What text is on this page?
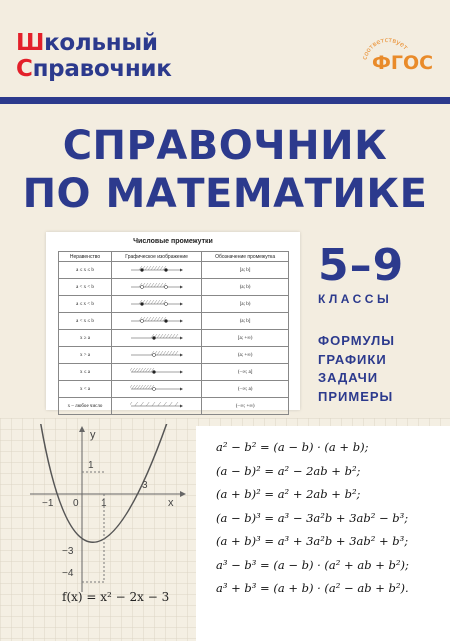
Школьный
Справочник	соответствует
ФГОС
СПРАВОЧНИК
ПО МАТЕМАТИКЕ
Числовые промежутки
Неравенство	Графическое изображение	Обозначение промежутка
a ≤ x ≤ b		[a; b]
a < x < b		(a; b)
a ≤ x < b		[a; b)
a < x ≤ b		(a; b]
x ≥ a		[a; +∞)
x > a		(a; +∞)
x ≤ a		(−∞; a]
x < a		(−∞; a)
x – любое число		(−∞; +∞)
5–9
КЛАССЫ
ФОРМУЛЫ
ГРАФИКИ
ЗАДАЧИ
ПРИМЕРЫ
y
x
−1 0 1
3
1
−3
−4
f(x) = x² − 2x − 3
a² − b² = (a − b) · (a + b);
(a − b)² = a² − 2ab + b²;
(a + b)² = a² + 2ab + b²;
(a − b)³ = a³ − 3a²b + 3ab² − b³;
(a + b)³ = a³ + 3a²b + 3ab² + b³;
a³ − b³ = (a − b) · (a² + ab + b²);
a³ + b³ = (a + b) · (a² − ab + b²).
